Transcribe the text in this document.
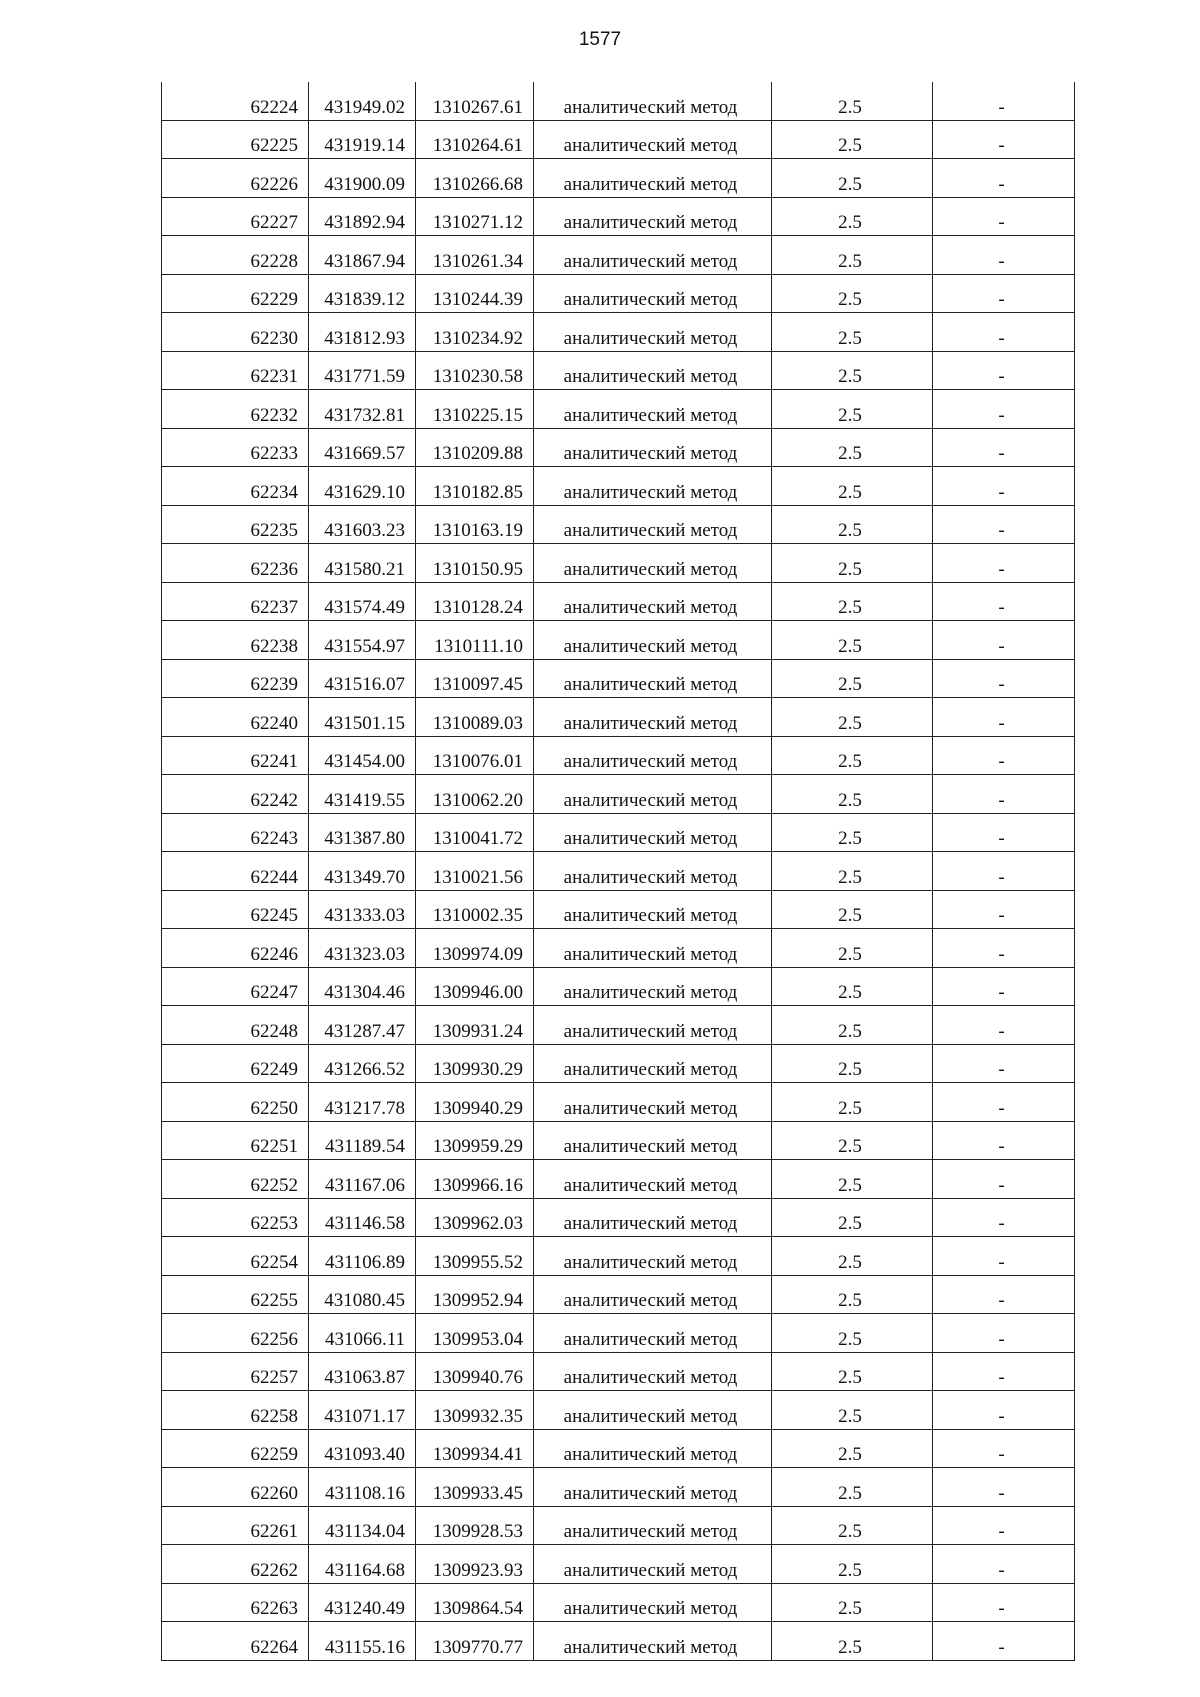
1577
62224	431949.02	1310267.61	аналитический метод	2.5	-
62225	431919.14	1310264.61	аналитический метод	2.5	-
62226	431900.09	1310266.68	аналитический метод	2.5	-
62227	431892.94	1310271.12	аналитический метод	2.5	-
62228	431867.94	1310261.34	аналитический метод	2.5	-
62229	431839.12	1310244.39	аналитический метод	2.5	-
62230	431812.93	1310234.92	аналитический метод	2.5	-
62231	431771.59	1310230.58	аналитический метод	2.5	-
62232	431732.81	1310225.15	аналитический метод	2.5	-
62233	431669.57	1310209.88	аналитический метод	2.5	-
62234	431629.10	1310182.85	аналитический метод	2.5	-
62235	431603.23	1310163.19	аналитический метод	2.5	-
62236	431580.21	1310150.95	аналитический метод	2.5	-
62237	431574.49	1310128.24	аналитический метод	2.5	-
62238	431554.97	1310111.10	аналитический метод	2.5	-
62239	431516.07	1310097.45	аналитический метод	2.5	-
62240	431501.15	1310089.03	аналитический метод	2.5	-
62241	431454.00	1310076.01	аналитический метод	2.5	-
62242	431419.55	1310062.20	аналитический метод	2.5	-
62243	431387.80	1310041.72	аналитический метод	2.5	-
62244	431349.70	1310021.56	аналитический метод	2.5	-
62245	431333.03	1310002.35	аналитический метод	2.5	-
62246	431323.03	1309974.09	аналитический метод	2.5	-
62247	431304.46	1309946.00	аналитический метод	2.5	-
62248	431287.47	1309931.24	аналитический метод	2.5	-
62249	431266.52	1309930.29	аналитический метод	2.5	-
62250	431217.78	1309940.29	аналитический метод	2.5	-
62251	431189.54	1309959.29	аналитический метод	2.5	-
62252	431167.06	1309966.16	аналитический метод	2.5	-
62253	431146.58	1309962.03	аналитический метод	2.5	-
62254	431106.89	1309955.52	аналитический метод	2.5	-
62255	431080.45	1309952.94	аналитический метод	2.5	-
62256	431066.11	1309953.04	аналитический метод	2.5	-
62257	431063.87	1309940.76	аналитический метод	2.5	-
62258	431071.17	1309932.35	аналитический метод	2.5	-
62259	431093.40	1309934.41	аналитический метод	2.5	-
62260	431108.16	1309933.45	аналитический метод	2.5	-
62261	431134.04	1309928.53	аналитический метод	2.5	-
62262	431164.68	1309923.93	аналитический метод	2.5	-
62263	431240.49	1309864.54	аналитический метод	2.5	-
62264	431155.16	1309770.77	аналитический метод	2.5	-
